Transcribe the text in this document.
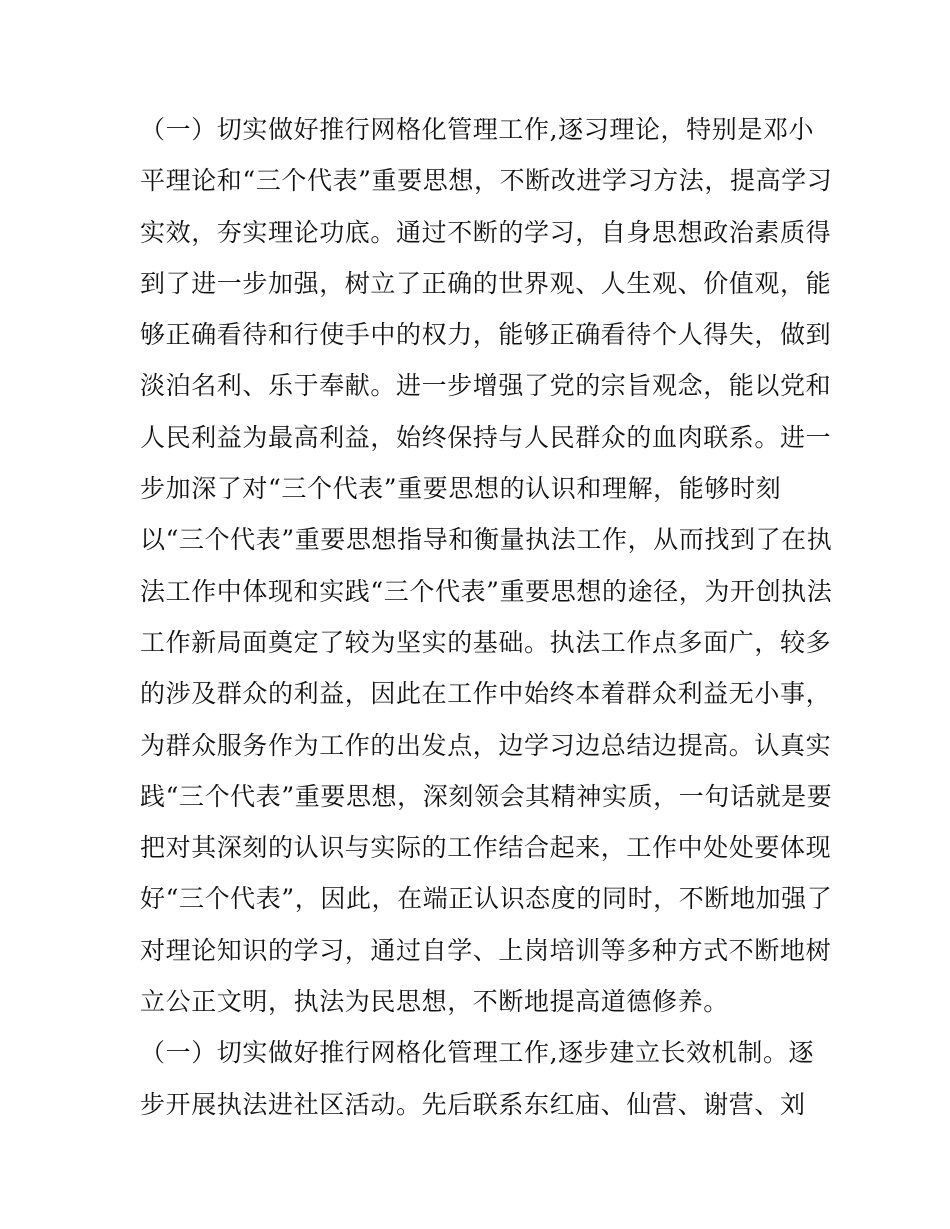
（一）切实做好推行网格化管理工作,逐习理论，特别是邓小
平理论和“三个代表”重要思想，不断改进学习方法，提高学习
实效，夯实理论功底。通过不断的学习，自身思想政治素质得
到了进一步加强，树立了正确的世界观、人生观、价值观，能
够正确看待和行使手中的权力，能够正确看待个人得失，做到
淡泊名利、乐于奉献。进一步增强了党的宗旨观念，能以党和
人民利益为最高利益，始终保持与人民群众的血肉联系。进一
步加深了对“三个代表”重要思想的认识和理解，能够时刻
以“三个代表”重要思想指导和衡量执法工作，从而找到了在执
法工作中体现和实践“三个代表”重要思想的途径，为开创执法
工作新局面奠定了较为坚实的基础。执法工作点多面广，较多
的涉及群众的利益，因此在工作中始终本着群众利益无小事，
为群众服务作为工作的出发点，边学习边总结边提高。认真实
践“三个代表”重要思想，深刻领会其精神实质，一句话就是要
把对其深刻的认识与实际的工作结合起来，工作中处处要体现
好“三个代表”，因此，在端正认识态度的同时，不断地加强了
对理论知识的学习，通过自学、上岗培训等多种方式不断地树
立公正文明，执法为民思想，不断地提高道德修养。
（一）切实做好推行网格化管理工作,逐步建立长效机制。逐
步开展执法进社区活动。先后联系东红庙、仙营、谢营、刘
